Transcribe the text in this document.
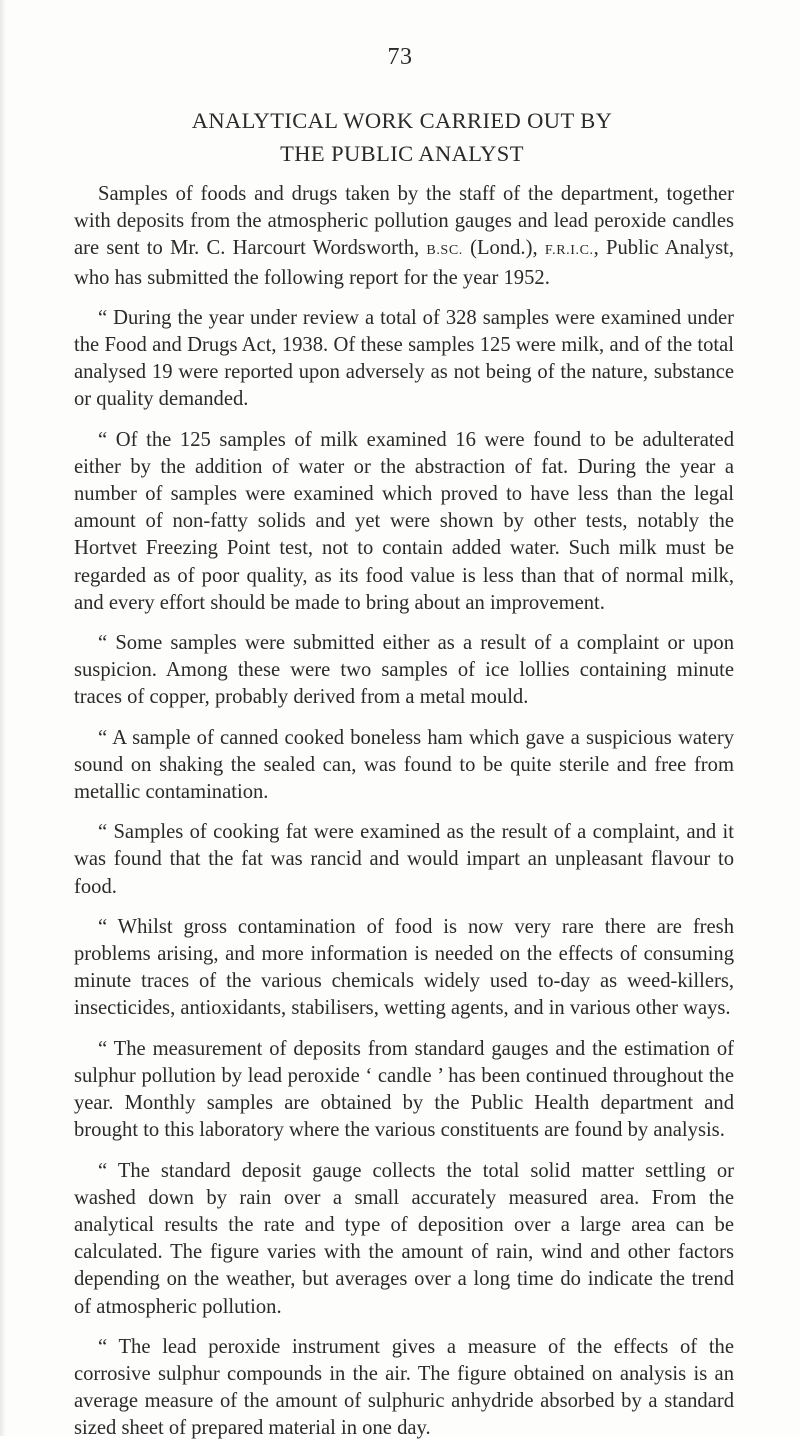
73
ANALYTICAL WORK CARRIED OUT BY
THE PUBLIC ANALYST

Samples of foods and drugs taken by the staff of the department, together with deposits from the atmospheric pollution gauges and lead peroxide candles are sent to Mr. C. Harcourt Wordsworth, B.SC. (Lond.), F.R.I.C., Public Analyst, who has submitted the following report for the year 1952.

“ During the year under review a total of 328 samples were examined under the Food and Drugs Act, 1938. Of these samples 125 were milk, and of the total analysed 19 were reported upon adversely as not being of the nature, substance or quality demanded.

“ Of the 125 samples of milk examined 16 were found to be adulterated either by the addition of water or the abstraction of fat. During the year a number of samples were examined which proved to have less than the legal amount of non-fatty solids and yet were shown by other tests, notably the Hortvet Freezing Point test, not to contain added water. Such milk must be regarded as of poor quality, as its food value is less than that of normal milk, and every effort should be made to bring about an improvement.

“ Some samples were submitted either as a result of a complaint or upon suspicion. Among these were two samples of ice lollies containing minute traces of copper, probably derived from a metal mould.

“ A sample of canned cooked boneless ham which gave a suspicious watery sound on shaking the sealed can, was found to be quite sterile and free from metallic contamination.

“ Samples of cooking fat were examined as the result of a complaint, and it was found that the fat was rancid and would impart an unpleasant flavour to food.

“ Whilst gross contamination of food is now very rare there are fresh problems arising, and more information is needed on the effects of consuming minute traces of the various chemicals widely used to-day as weed-killers, insecticides, antioxidants, stabilisers, wetting agents, and in various other ways.

“ The measurement of deposits from standard gauges and the estimation of sulphur pollution by lead peroxide ‘ candle ’ has been continued throughout the year. Monthly samples are obtained by the Public Health department and brought to this laboratory where the various constituents are found by analysis.

“ The standard deposit gauge collects the total solid matter settling or washed down by rain over a small accurately measured area. From the analytical results the rate and type of deposition over a large area can be calculated. The figure varies with the amount of rain, wind and other factors depending on the weather, but averages over a long time do indicate the trend of atmospheric pollution.

“ The lead peroxide instrument gives a measure of the effects of the corrosive sulphur compounds in the air. The figure obtained on analysis is an average measure of the amount of sulphuric anhydride absorbed by a standard sized sheet of prepared material in one day.
